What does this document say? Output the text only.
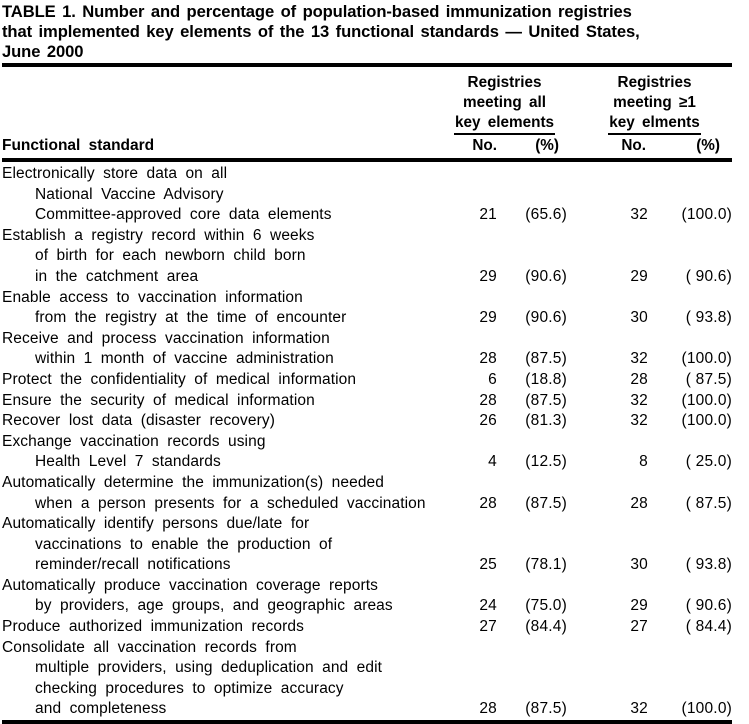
TABLE 1. Number and percentage of population-based immunization registries
that implemented key elements of the 13 functional standards — United States,
June 2000
Functional standard
Registries
meeting all
key elements
No.	(%)
Registries
meeting ≥1
key elments
No.	(%)
Electronically store data on all
National Vaccine Advisory
Committee-approved core data elements	21	(65.6)	32	(100.0)
Establish a registry record within 6 weeks
of birth for each newborn child born
in the catchment area	29	(90.6)	29	( 90.6)
Enable access to vaccination information
from the registry at the time of encounter	29	(90.6)	30	( 93.8)
Receive and process vaccination information
within 1 month of vaccine administration	28	(87.5)	32	(100.0)
Protect the confidentiality of medical information	6	(18.8)	28	( 87.5)
Ensure the security of medical information	28	(87.5)	32	(100.0)
Recover lost data (disaster recovery)	26	(81.3)	32	(100.0)
Exchange vaccination records using
Health Level 7 standards	4	(12.5)	8	( 25.0)
Automatically determine the immunization(s) needed
when a person presents for a scheduled vaccination	28	(87.5)	28	( 87.5)
Automatically identify persons due/late for
vaccinations to enable the production of
reminder/recall notifications	25	(78.1)	30	( 93.8)
Automatically produce vaccination coverage reports
by providers, age groups, and geographic areas	24	(75.0)	29	( 90.6)
Produce authorized immunization records	27	(84.4)	27	( 84.4)
Consolidate all vaccination records from
multiple providers, using deduplication and edit
checking procedures to optimize accuracy
and completeness	28	(87.5)	32	(100.0)
